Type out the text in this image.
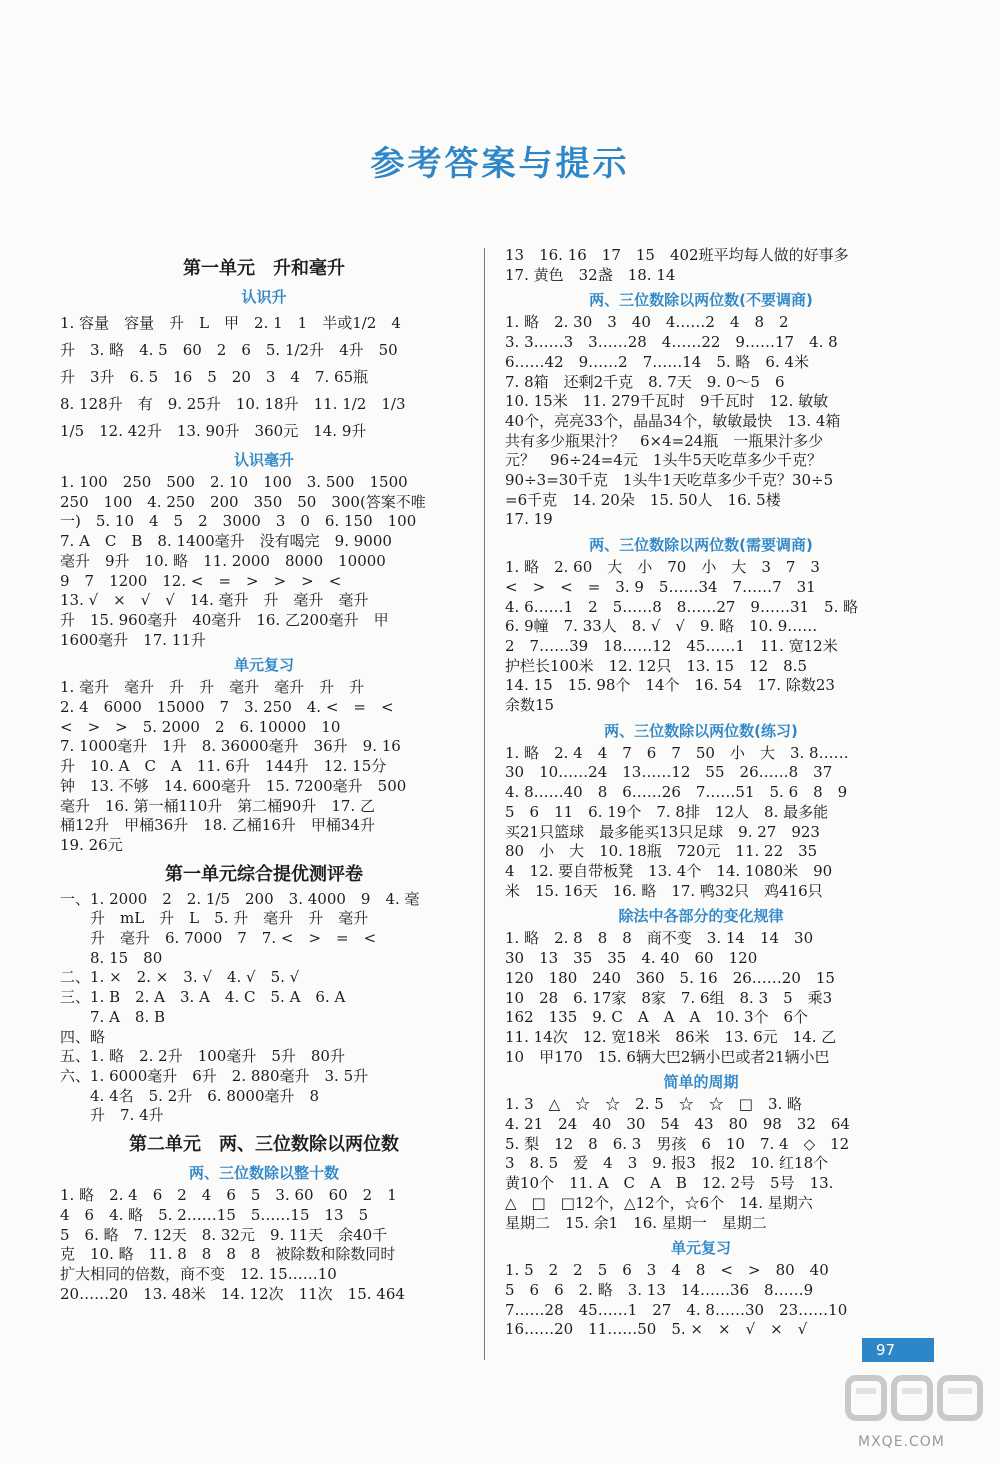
参考答案与提示
第一单元　升和毫升
认识升
1. 容量　容量　升　L　甲　2. 1　1　半或1/2　4
升　3. 略　4. 5　60　2　6　5. 1/2升　4升　50
升　3升　6. 5　16　5　20　3　4　7. 65瓶
8. 128升　有　9. 25升　10. 18升　11. 1/2　1/3
1/5　12. 42升　13. 90升　360元　14. 9升
认识毫升
1. 100　250　500　2. 10　100　3. 500　1500
250　100　4. 250　200　350　50　300(答案不唯
一)　5. 10　4　5　2　3000　3　0　6. 150　100
7. A　C　B　8. 1400毫升　没有喝完　9. 9000
毫升　9升　10. 略　11. 2000　8000　10000
9　7　1200　12. <　=　>　>　>　<
13. √　×　√　√　14. 毫升　升　毫升　毫升
升　15. 960毫升　40毫升　16. 乙200毫升　甲
1600毫升　17. 11升
单元复习
1. 毫升　毫升　升　升　毫升　毫升　升　升
2. 4　6000　15000　7　3. 250　4. <　=　<
<　>　>　5. 2000　2　6. 10000　10
7. 1000毫升　1升　8. 36000毫升　36升　9. 16
升　10. A　C　A　11. 6升　144升　12. 15分
钟　13. 不够　14. 600毫升　15. 7200毫升　500
毫升　16. 第一桶110升　第二桶90升　17. 乙
桶12升　甲桶36升　18. 乙桶16升　甲桶34升
19. 26元
第一单元综合提优测评卷
一、1. 2000　2　2. 1/5　200　3. 4000　9　4. 毫
　　升　mL　升　L　5. 升　毫升　升　毫升
　　升　毫升　6. 7000　7　7. <　>　=　<
　　8. 15　80
二、1. ×　2. ×　3. √　4. √　5. √
三、1. B　2. A　3. A　4. C　5. A　6. A
　　7. A　8. B
四、略
五、1. 略　2. 2升　100毫升　5升　80升
六、1. 6000毫升　6升　2. 880毫升　3. 5升
　　4. 4名　5. 2升　6. 8000毫升　8
　　升　7. 4升
第二单元　两、三位数除以两位数
两、三位数除以整十数
1. 略　2. 4　6　2　4　6　5　3. 60　60　2　1
4　6　4. 略　5. 2……15　5……15　13　5
5　6. 略　7. 12天　8. 32元　9. 11天　余40千
克　10. 略　11. 8　8　8　8　被除数和除数同时
扩大相同的倍数，商不变　12. 15……10
20……20　13. 48米　14. 12次　11次　15. 464
13　16. 16　17　15　402班平均每人做的好事多
17. 黄色　32盏　18. 14
两、三位数除以两位数(不要调商)
1. 略　2. 30　3　40　4……2　4　8　2
3. 3……3　3……28　4……22　9……17　4. 8
6……42　9……2　7……14　5. 略　6. 4米
7. 8箱　还剩2千克　8. 7天　9. 0～5　6
10. 15米　11. 279千瓦时　9千瓦时　12. 敏敏
40个，亮亮33个，晶晶34个，敏敏最快　13. 4箱
共有多少瓶果汁？　6×4=24瓶　一瓶果汁多少
元？　96÷24=4元　1头牛5天吃草多少千克？
90÷3=30千克　1头牛1天吃草多少千克？30÷5
=6千克　14. 20朵　15. 50人　16. 5楼
17. 19
两、三位数除以两位数(需要调商)
1. 略　2. 60　大　小　70　小　大　3　7　3
<　>　<　=　3. 9　5……34　7……7　31
4. 6……1　2　5……8　8……27　9……31　5. 略
6. 9幢　7. 33人　8. √　√　9. 略　10. 9……
2　7……39　18……12　45……1　11. 宽12米
护栏长100米　12. 12只　13. 15　12　8.5
14. 15　15. 98个　14个　16. 54　17. 除数23
余数15
两、三位数除以两位数(练习)
1. 略　2. 4　4　7　6　7　50　小　大　3. 8……
30　10……24　13……12　55　26……8　37
4. 8……40　8　6……26　7……51　5. 6　8　9
5　6　11　6. 19个　7. 8排　12人　8. 最多能
买21只篮球　最多能买13只足球　9. 27　923
80　小　大　10. 18瓶　720元　11. 22　35
4　12. 要自带板凳　13. 4个　14. 1080米　90
米　15. 16天　16. 略　17. 鸭32只　鸡416只
除法中各部分的变化规律
1. 略　2. 8　8　8　商不变　3. 14　14　30
30　13　35　35　4. 40　60　120
120　180　240　360　5. 16　26……20　15
10　28　6. 17家　8家　7. 6组　8. 3　5　乘3
162　135　9. C　A　A　A　10. 3个　6个
11. 14次　12. 宽18米　86米　13. 6元　14. 乙
10　甲170　15. 6辆大巴2辆小巴或者21辆小巴
简单的周期
1. 3　△　☆　☆　2. 5　☆　☆　□　3. 略
4. 21　24　40　30　54　43　80　98　32　64
5. 梨　12　8　6. 3　男孩　6　10　7. 4　◇　12
3　8. 5　爱　4　3　9. 报3　报2　10. 红18个
黄10个　11. A　C　A　B　12. 2号　5号　13.
△　□　□12个，△12个，☆6个　14. 星期六
星期二　15. 余1　16. 星期一　星期二
单元复习
1. 5　2　2　5　6　3　4　8　<　>　80　40
5　6　6　2. 略　3. 13　14……36　8……9
7……28　45……1　27　4. 8……30　23……10
16……20　11……50　5. ×　×　√　×　√
97
MXQE.COM
